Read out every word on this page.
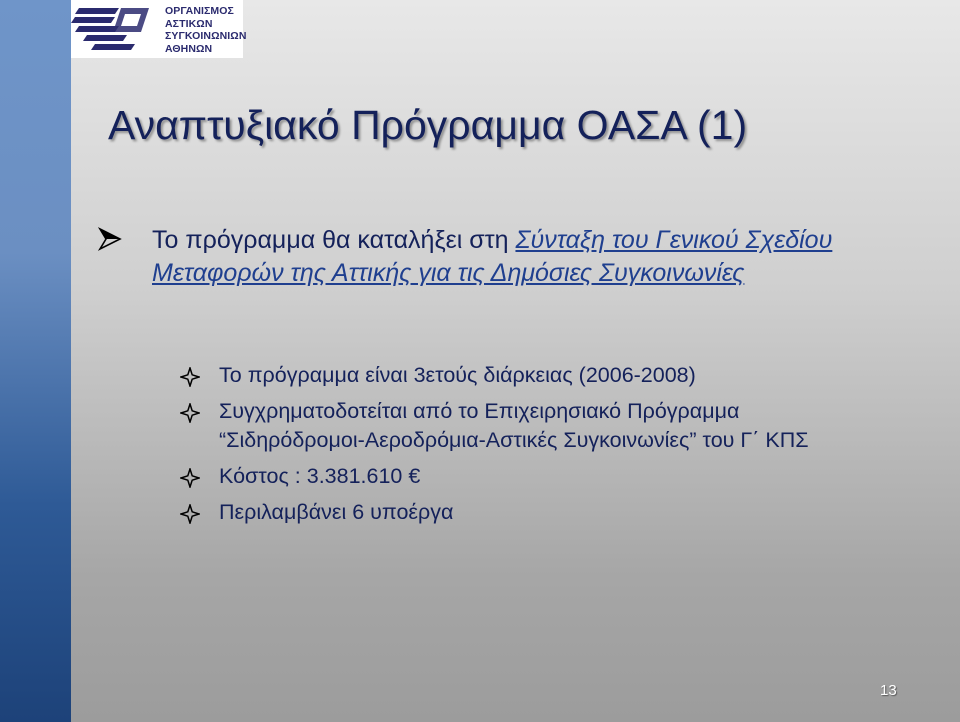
ΟΡΓΑΝΙΣΜΟΣ
ΑΣΤΙΚΩΝ
ΣΥΓΚΟΙΝΩΝΙΩΝ
ΑΘΗΝΩΝ
Αναπτυξιακό Πρόγραμμα ΟΑΣΑ (1)
Το πρόγραμμα θα καταλήξει στη Σύνταξη του Γενικού Σχεδίου Μεταφορών της Αττικής για τις Δημόσιες Συγκοινωνίες
Το πρόγραμμα είναι 3ετούς διάρκειας (2006-2008)
Συγχρηματοδοτείται από το Επιχειρησιακό Πρόγραμμα “Σιδηρόδρομοι-Αεροδρόμια-Αστικές Συγκοινωνίες” του Γ΄ ΚΠΣ
Κόστος : 3.381.610 €
Περιλαμβάνει 6 υποέργα
13
